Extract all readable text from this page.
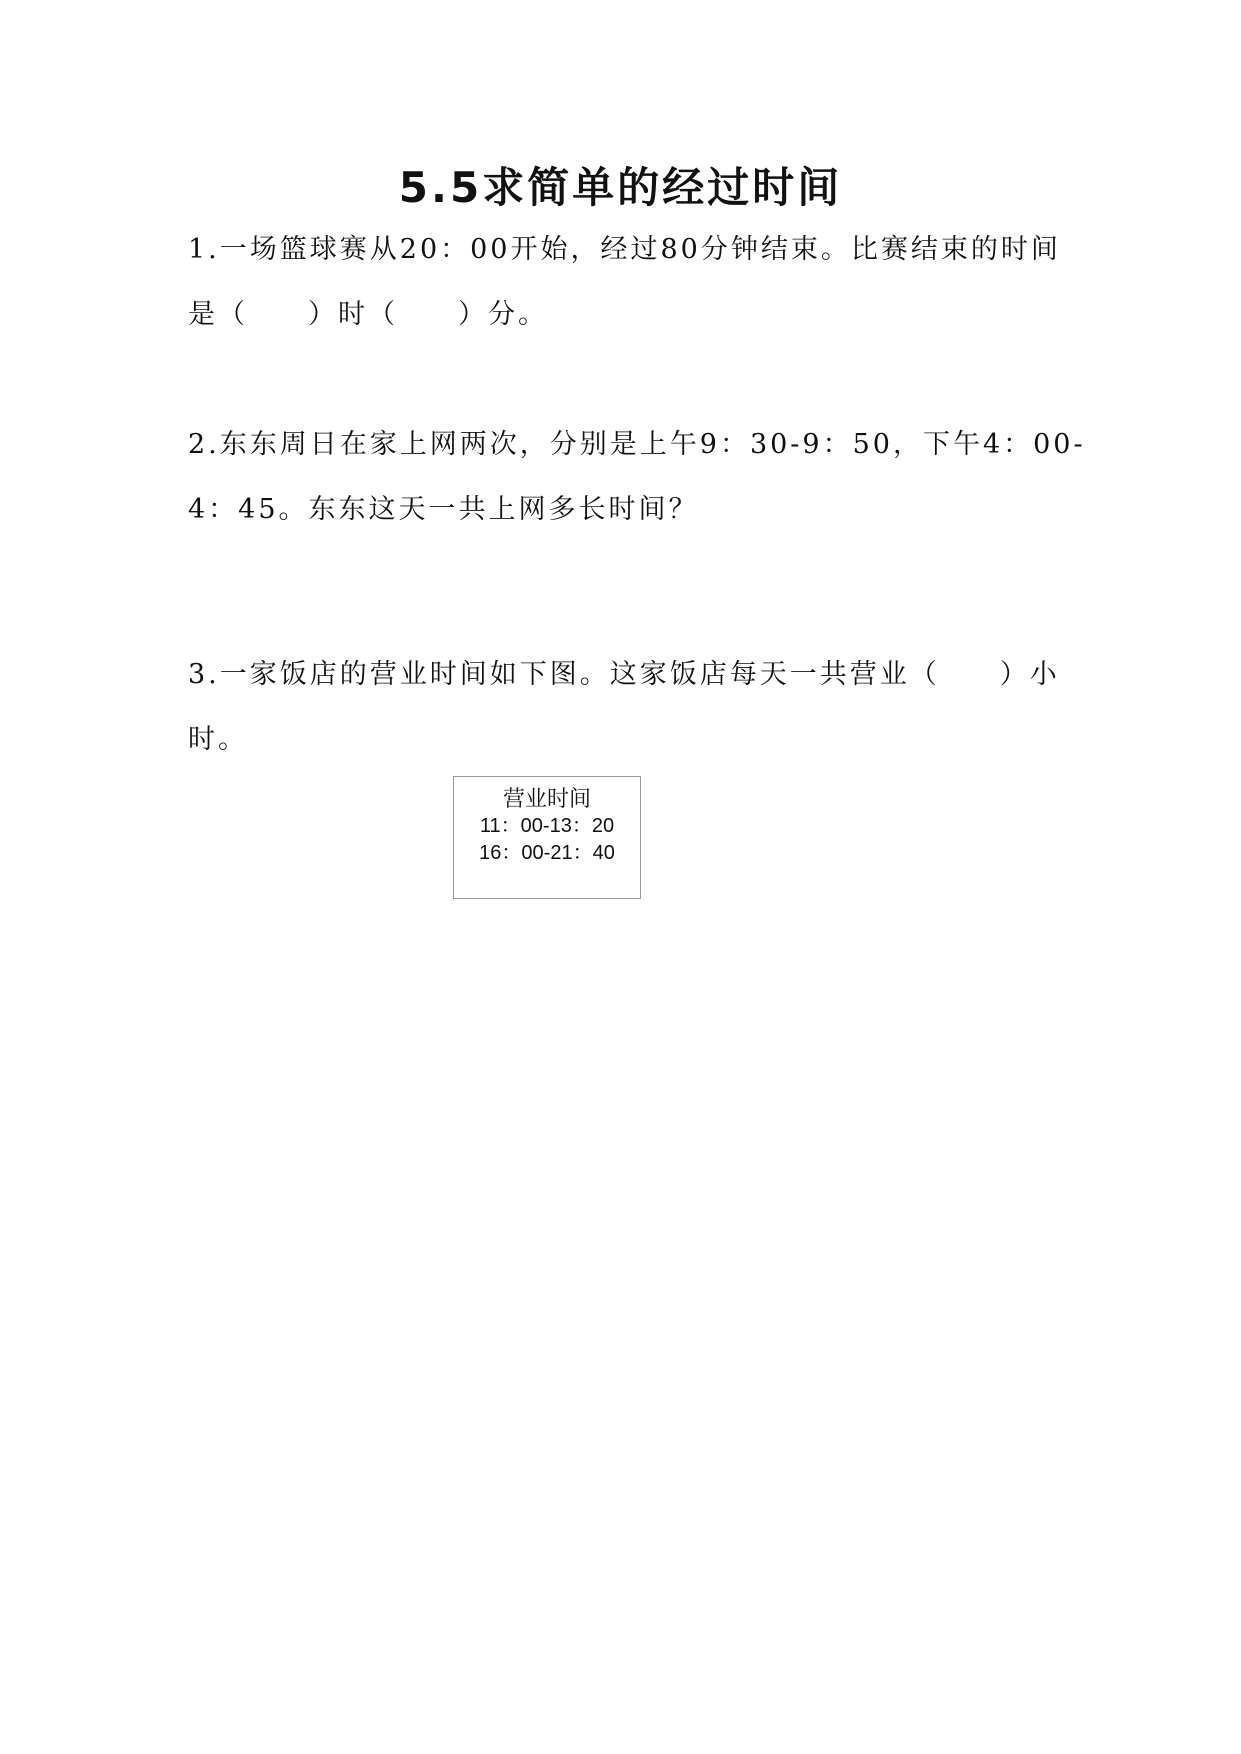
5.5求简单的经过时间

1.一场篮球赛从20：00开始，经过80分钟结束。比赛结束的时间

是（　　）时（　　）分。

2.东东周日在家上网两次，分别是上午9：30-9：50，下午4：00-

4：45。东东这天一共上网多长时间？

3.一家饭店的营业时间如下图。这家饭店每天一共营业（　　）小

时。

营业时间
11：00-13：20
16：00-21：40
